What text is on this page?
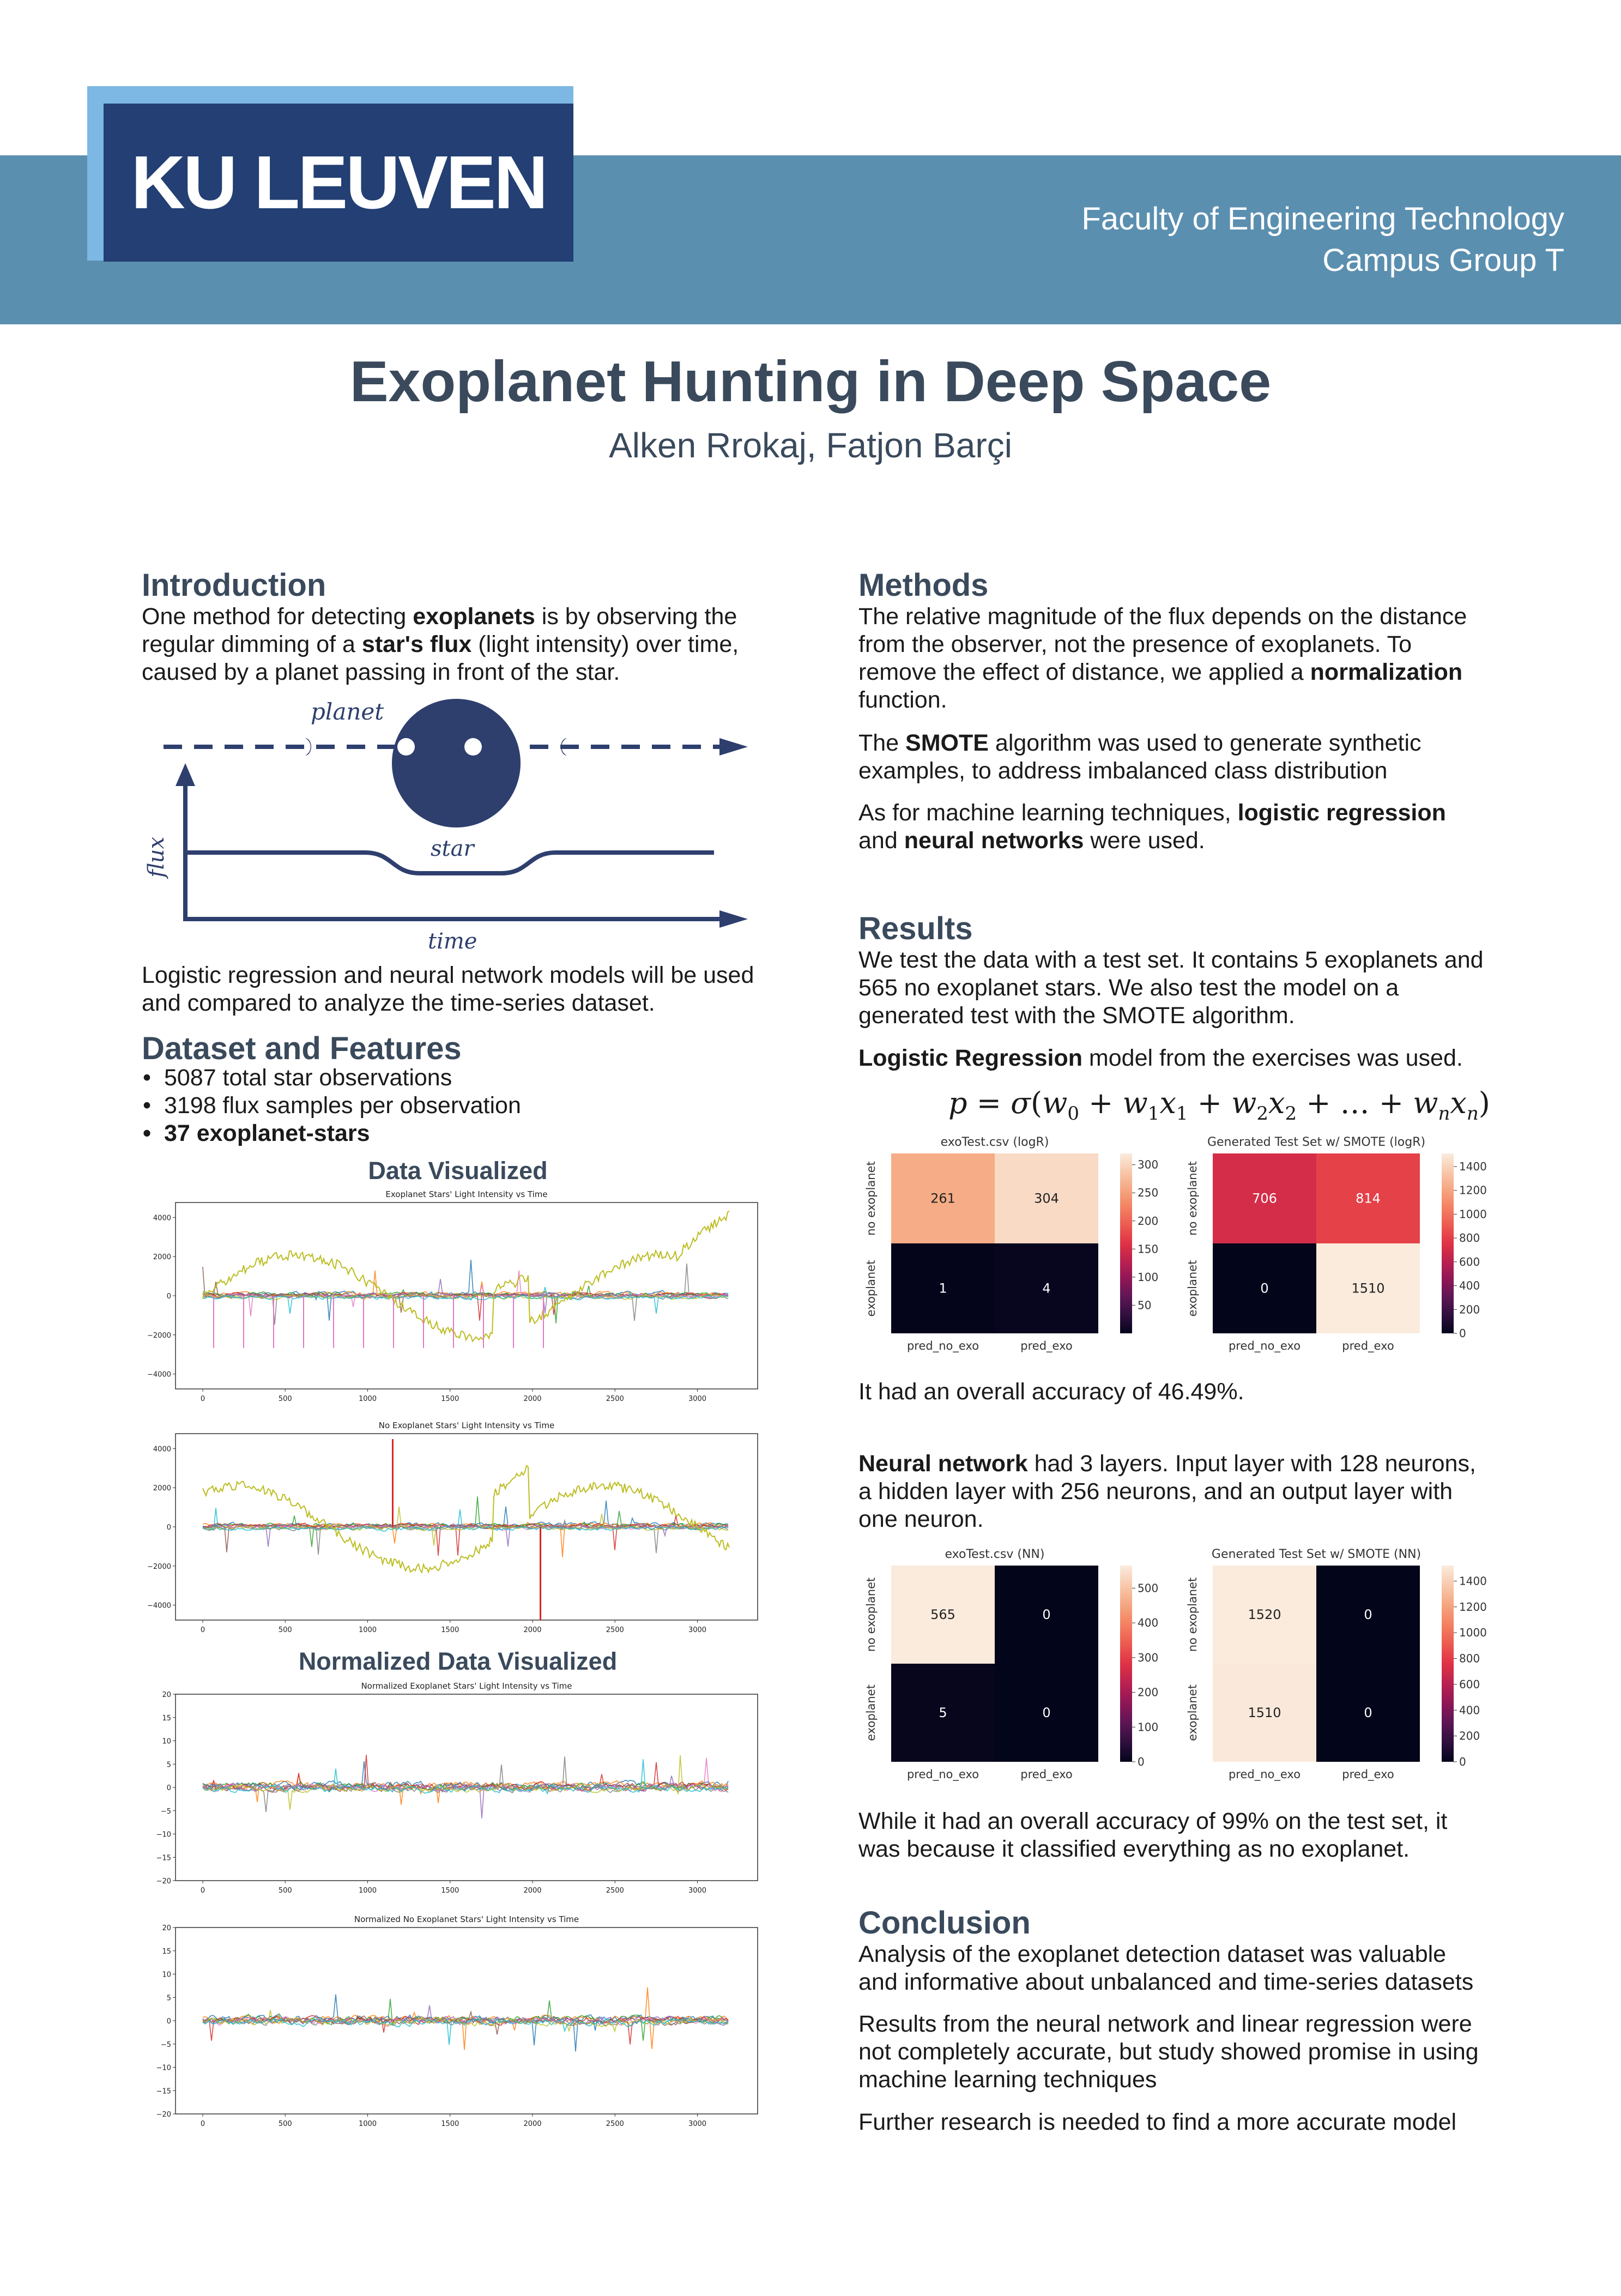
KU LEUVEN	Faculty of Engineering Technology
Campus Group T
Exoplanet Hunting in Deep Space
Alken Rrokaj, Fatjon Barçi
Introduction
One method for detecting exoplanets is by observing the regular dimming of a star's flux (light intensity) over time, caused by a planet passing in front of the star.
planet
star
flux
time
Logistic regression and neural network models will be used and compared to analyze the time-series dataset.
Dataset and Features
•  5087 total star observations
•  3198 flux samples per observation
•  37 exoplanet-stars
Data Visualized
Normalized Data Visualized
Exoplanet Stars' Light Intensity vs Time
4000
2000
0
−2000
−4000
0	500	1000	1500	2000	2500	3000
No Exoplanet Stars' Light Intensity vs Time
4000
2000
0
−2000
−4000
0	500	1000	1500	2000	2500	3000
Normalized Exoplanet Stars' Light Intensity vs Time
20
15
10
5
0
−5
−10
−15
−20
0	500	1000	1500	2000	2500	3000
Normalized No Exoplanet Stars' Light Intensity vs Time
20
15
10
5
0
−5
−10
−15
−20
0	500	1000	1500	2000	2500	3000
Methods
The relative magnitude of the flux depends on the distance from the observer, not the presence of exoplanets. To remove the effect of distance, we applied a normalization function.
The SMOTE algorithm was used to generate synthetic examples, to address imbalanced class distribution
As for machine learning techniques, logistic regression and neural networks were used.
Results
We test the data with a test set. It contains 5 exoplanets and 565 no exoplanet stars. We also test the model on a generated test with the SMOTE algorithm.
Logistic Regression model from the exercises was used.
$p = \sigma(w_0 + w_1x_1 + w_2x_2$ + … + $w_nx_n$)
exoTest.csv (logR)
261	304
no exoplanet
1	4
exoplanet
pred_no_exo	pred_exo
300
250
200
150
100
50
Generated Test Set w/ SMOTE (logR)
706	814
no exoplanet
0	1510
exoplanet
pred_no_exo	pred_exo
1400
1200
1000
800
600
400
200
0
It had an overall accuracy of 46.49%.
Neural network had 3 layers. Input layer with 128 neurons, a hidden layer with 256 neurons, and an output layer with one neuron.
exoTest.csv (NN)
565	0
no exoplanet
5	0
exoplanet
pred_no_exo	pred_exo
500
400
300
200
100
0
Generated Test Set w/ SMOTE (NN)
1520	0
no exoplanet
1510	0
exoplanet
pred_no_exo	pred_exo
1400
1200
1000
800
600
400
200
0
While it had an overall accuracy of 99% on the test set, it was because it classified everything as no exoplanet.
Conclusion
Analysis of the exoplanet detection dataset was valuable and informative about unbalanced and time-series datasets
Results from the neural network and linear regression were not completely accurate, but study showed promise in using machine learning techniques
Further research is needed to find a more accurate model
